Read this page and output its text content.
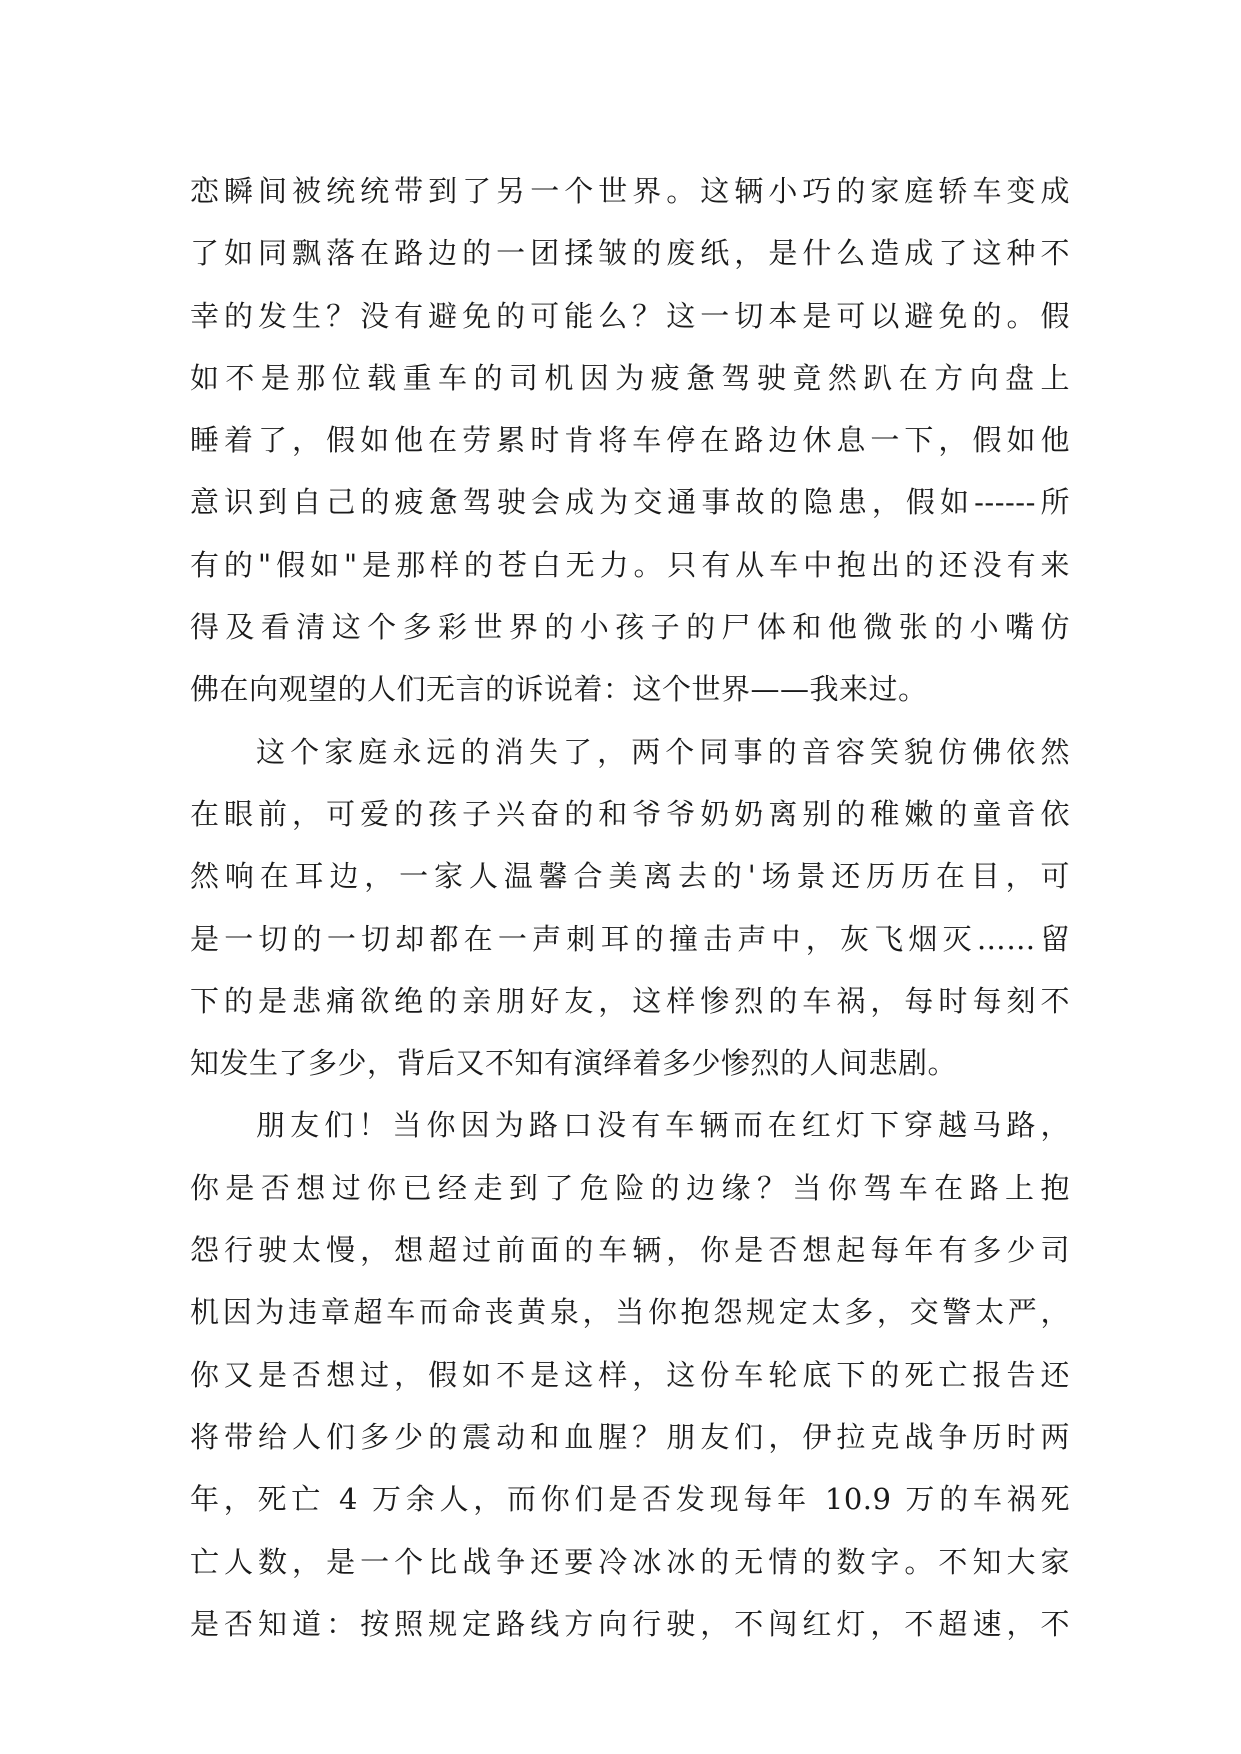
恋瞬间被统统带到了另一个世界。这辆小巧的家庭轿车变成
了如同飘落在路边的一团揉皱的废纸，是什么造成了这种不
幸的发生？没有避免的可能么？这一切本是可以避免的。假
如不是那位载重车的司机因为疲惫驾驶竟然趴在方向盘上
睡着了，假如他在劳累时肯将车停在路边休息一下，假如他
意识到自己的疲惫驾驶会成为交通事故的隐患，假如------所
有的"假如"是那样的苍白无力。只有从车中抱出的还没有来
得及看清这个多彩世界的小孩子的尸体和他微张的小嘴仿
佛在向观望的人们无言的诉说着：这个世界——我来过。
这个家庭永远的消失了，两个同事的音容笑貌仿佛依然
在眼前，可爱的孩子兴奋的和爷爷奶奶离别的稚嫩的童音依
然响在耳边，一家人温馨合美离去的'场景还历历在目，可
是一切的一切却都在一声刺耳的撞击声中，灰飞烟灭……留
下的是悲痛欲绝的亲朋好友，这样惨烈的车祸，每时每刻不
知发生了多少，背后又不知有演绎着多少惨烈的人间悲剧。
朋友们！当你因为路口没有车辆而在红灯下穿越马路，
你是否想过你已经走到了危险的边缘？当你驾车在路上抱
怨行驶太慢，想超过前面的车辆，你是否想起每年有多少司
机因为违章超车而命丧黄泉，当你抱怨规定太多，交警太严，
你又是否想过，假如不是这样，这份车轮底下的死亡报告还
将带给人们多少的震动和血腥？朋友们，伊拉克战争历时两
年，死亡 4 万余人，而你们是否发现每年 10.9 万的车祸死
亡人数，是一个比战争还要冷冰冰的无情的数字。不知大家
是否知道：按照规定路线方向行驶，不闯红灯，不超速，不
